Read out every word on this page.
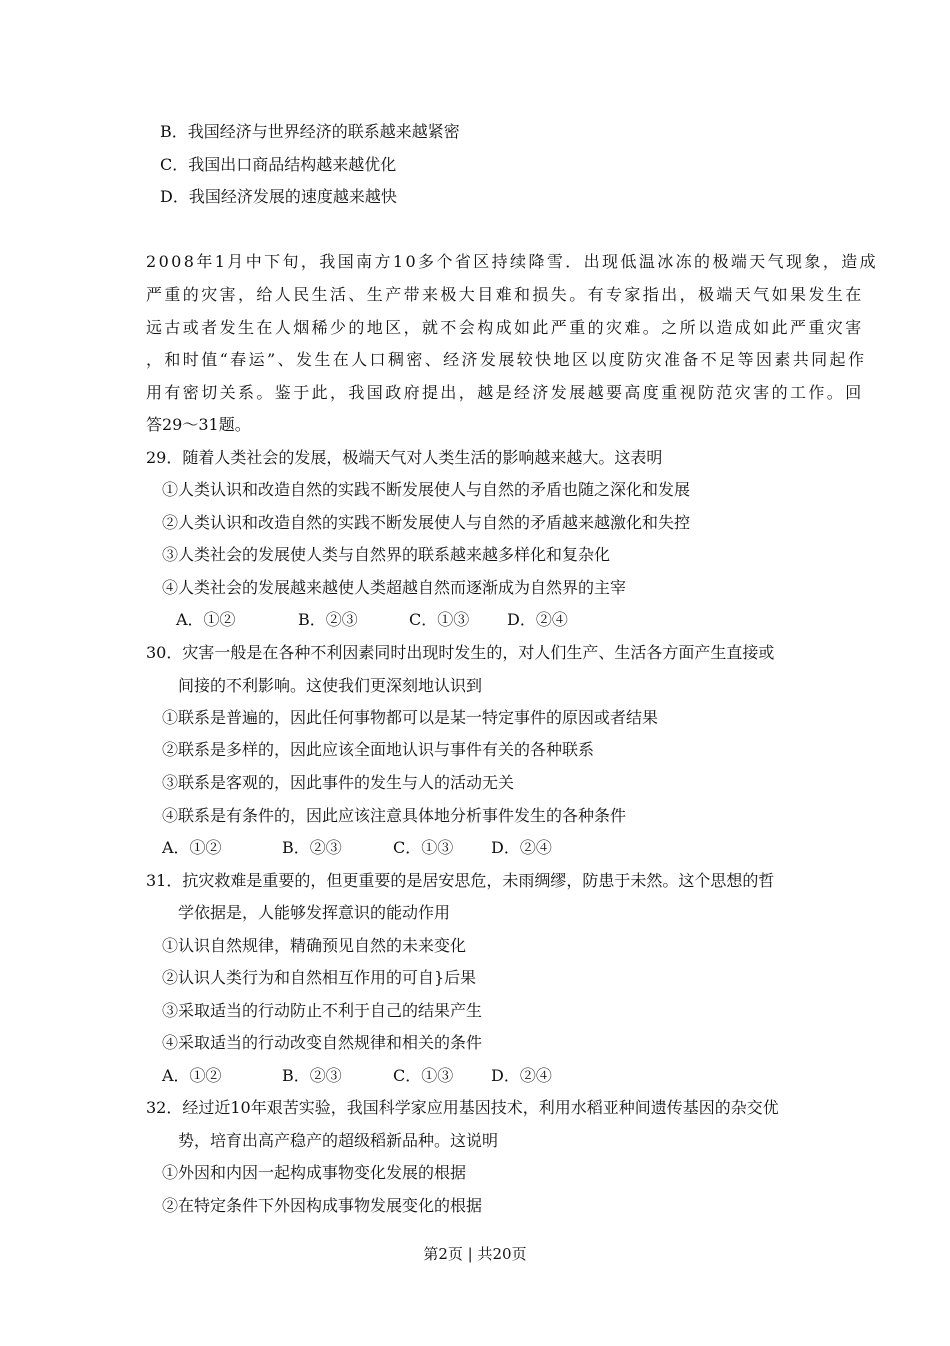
B．我国经济与世界经济的联系越来越紧密
C．我国出口商品结构越来越优化
D．我国经济发展的速度越来越快
2008年1月中下旬，我国南方10多个省区持续降雪．出现低温冰冻的极端天气现象，造成
严重的灾害，给人民生活、生产带来极大目难和损失。有专家指出，极端天气如果发生在
远古或者发生在人烟稀少的地区，就不会构成如此严重的灾难。之所以造成如此严重灾害
，和时值“春运”、发生在人口稠密、经济发展较快地区以度防灾准备不足等因素共同起作
用有密切关系。鉴于此，我国政府提出，越是经济发展越要高度重视防范灾害的工作。回
答29～31题。
29．随着人类社会的发展，极端天气对人类生活的影响越来越大。这表明
①人类认识和改造自然的实践不断发展使人与自然的矛盾也随之深化和发展
②人类认识和改造自然的实践不断发展使人与自然的矛盾越来越激化和失控
③人类社会的发展使人类与自然界的联系越来越多样化和复杂化
④人类社会的发展越来越使人类超越自然而逐渐成为自然界的主宰
A．①②	B．②③	C．①③ D．②④
30．灾害一般是在各种不利因素同时出现时发生的，对人们生产、生活各方面产生直接或
间接的不利影响。这使我们更深刻地认识到
①联系是普遍的，因此任何事物都可以是某一特定事件的原因或者结果
②联系是多样的，因此应该全面地认识与事件有关的各种联系
③联系是客观的，因此事件的发生与人的活动无关
④联系是有条件的，因此应该注意具体地分析事件发生的各种条件
A．①②	B．②③	C．①③ D．②④
31．抗灾救难是重要的，但更重要的是居安思危，未雨绸缪，防患于未然。这个思想的哲
学依据是，人能够发挥意识的能动作用
①认识自然规律，精确预见自然的未来变化
②认识人类行为和自然相互作用的可自}后果
③采取适当的行动防止不利于自己的结果产生
④采取适当的行动改变自然规律和相关的条件
A．①②	B．②③	C．①③ D．②④
32．经过近10年艰苦实验，我国科学家应用基因技术，利用水稻亚种间遗传基因的杂交优
势，培育出高产稳产的超级稻新品种。这说明
①外因和内因一起构成事物变化发展的根据
②在特定条件下外因构成事物发展变化的根据
第2页 | 共20页
